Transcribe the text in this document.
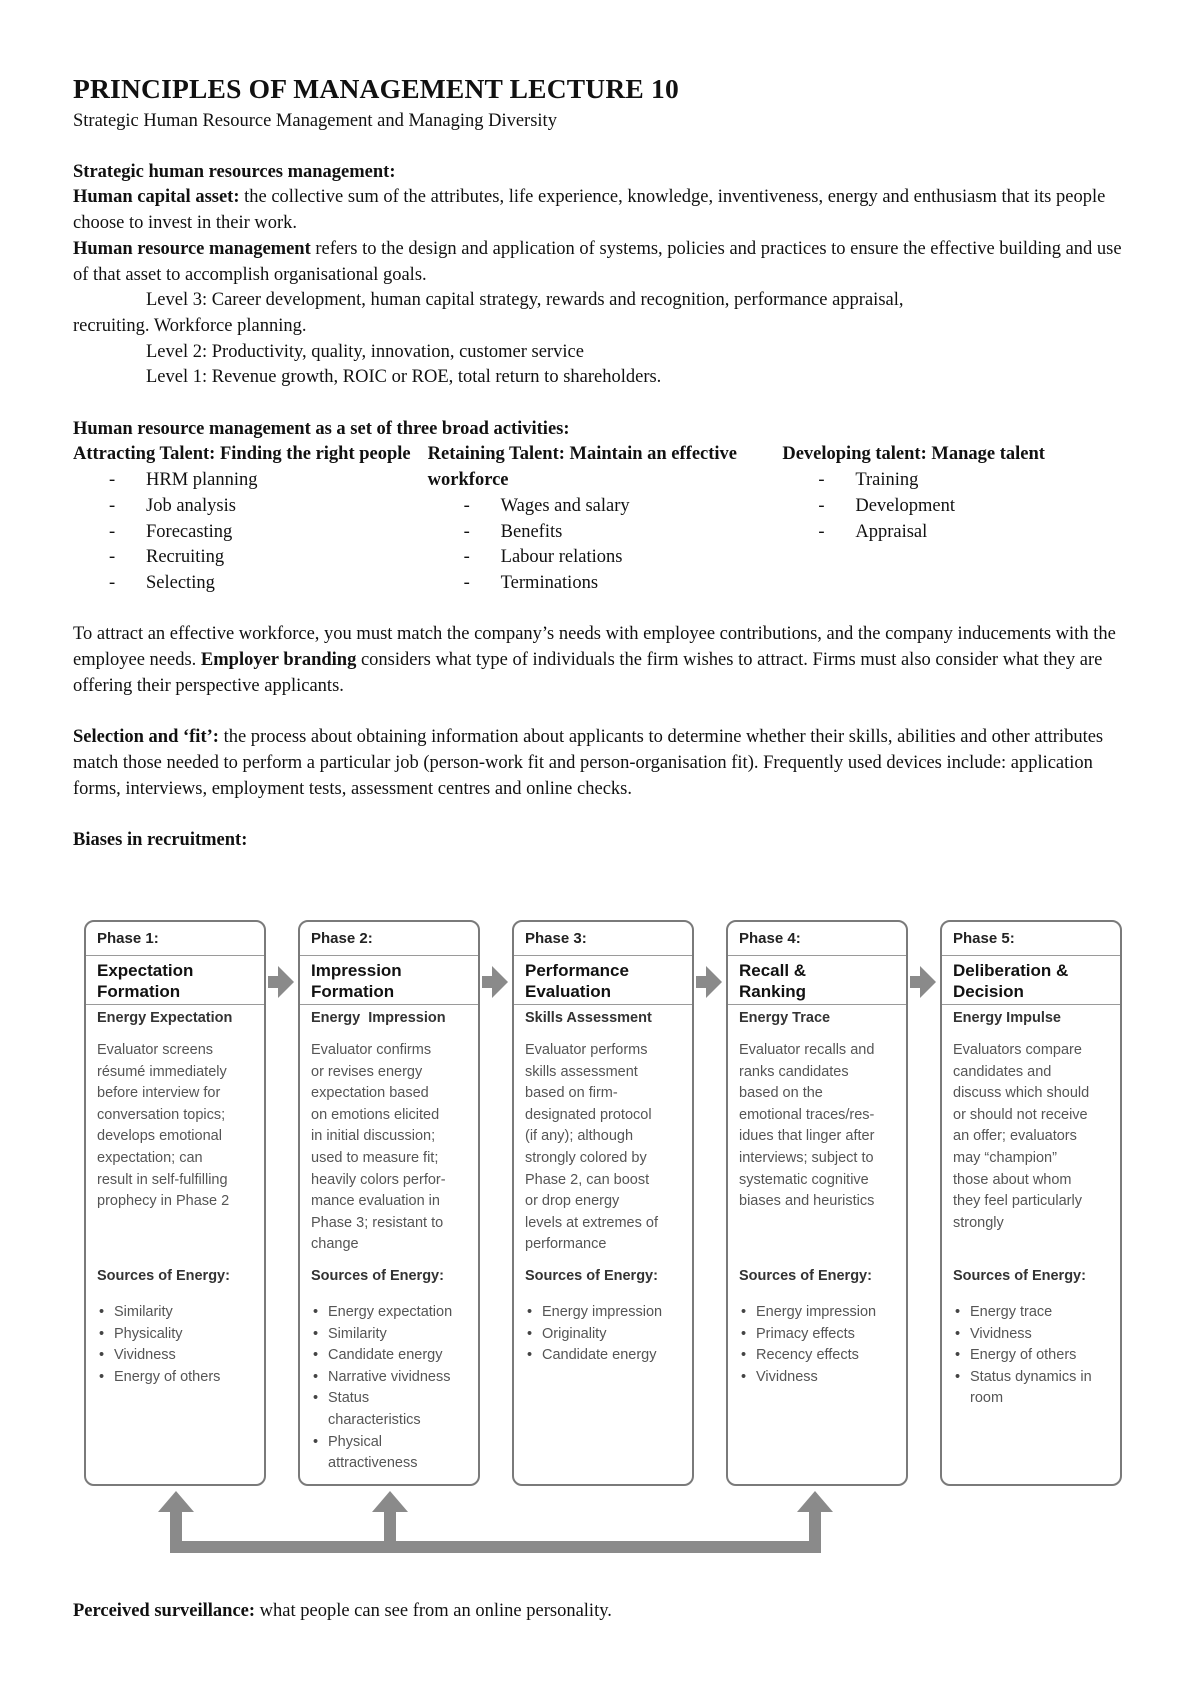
PRINCIPLES OF MANAGEMENT LECTURE 10

Strategic Human Resource Management and Managing Diversity

Strategic human resources management:

Human capital asset: the collective sum of the attributes, life experience, knowledge, inventiveness, energy and enthusiasm that its people choose to invest in their work.

Human resource management refers to the design and application of systems, policies and practices to ensure the effective building and use of that asset to accomplish organisational goals.

Level 3: Career development, human capital strategy, rewards and recognition, performance appraisal,

recruiting. Workforce planning.

Level 2: Productivity, quality, innovation, customer service

Level 1: Revenue growth, ROIC or ROE, total return to shareholders.

Human resource management as a set of three broad activities:

Attracting Talent: Finding the right people
- HRM planning
- Job analysis
- Forecasting
- Recruiting
- Selecting
Retaining Talent: Maintain an effective workforce
- Wages and salary
- Benefits
- Labour relations
- Terminations
Developing talent: Manage talent
- Training
- Development
- Appraisal

To attract an effective workforce, you must match the company’s needs with employee contributions, and the company inducements with the employee needs. Employer branding considers what type of individuals the firm wishes to attract. Firms must also consider what they are offering their perspective applicants.

Selection and ‘fit’: the process about obtaining information about applicants to determine whether their skills, abilities and other attributes match those needed to perform a particular job (person-work fit and person-organisation fit). Frequently used devices include: application forms, interviews, employment tests, assessment centres and online checks.

Biases in recruitment:

Phase 1:
Expectation
Formation
Energy Expectation
Evaluator screens
résumé immediately
before interview for
conversation topics;
develops emotional
expectation; can
result in self-fulfilling
prophecy in Phase 2
Sources of Energy:
• Similarity
• Physicality
• Vividness
• Energy of others
Phase 2:
Impression
Formation
Energy  Impression
Evaluator confirms
or revises energy
expectation based
on emotions elicited
in initial discussion;
used to measure fit;
heavily colors perfor-
mance evaluation in
Phase 3; resistant to
change
Sources of Energy:
• Energy expectation
• Similarity
• Candidate energy
• Narrative vividness
• Status characteristics
• Physical attractiveness
Phase 3:
Performance
Evaluation
Skills Assessment
Evaluator performs
skills assessment
based on firm-
designated protocol
(if any); although
strongly colored by
Phase 2, can boost
or drop energy
levels at extremes of
performance
Sources of Energy:
• Energy impression
• Originality
• Candidate energy
Phase 4:
Recall &
Ranking
Energy Trace
Evaluator recalls and
ranks candidates
based on the
emotional traces/res-
idues that linger after
interviews; subject to
systematic cognitive
biases and heuristics
Sources of Energy:
• Energy impression
• Primacy effects
• Recency effects
• Vividness
Phase 5:
Deliberation &
Decision
Energy Impulse
Evaluators compare
candidates and
discuss which should
or should not receive
an offer; evaluators
may “champion”
those about whom
they feel particularly
strongly
Sources of Energy:
• Energy trace
• Vividness
• Energy of others
• Status dynamics in room

Perceived surveillance: what people can see from an online personality.
